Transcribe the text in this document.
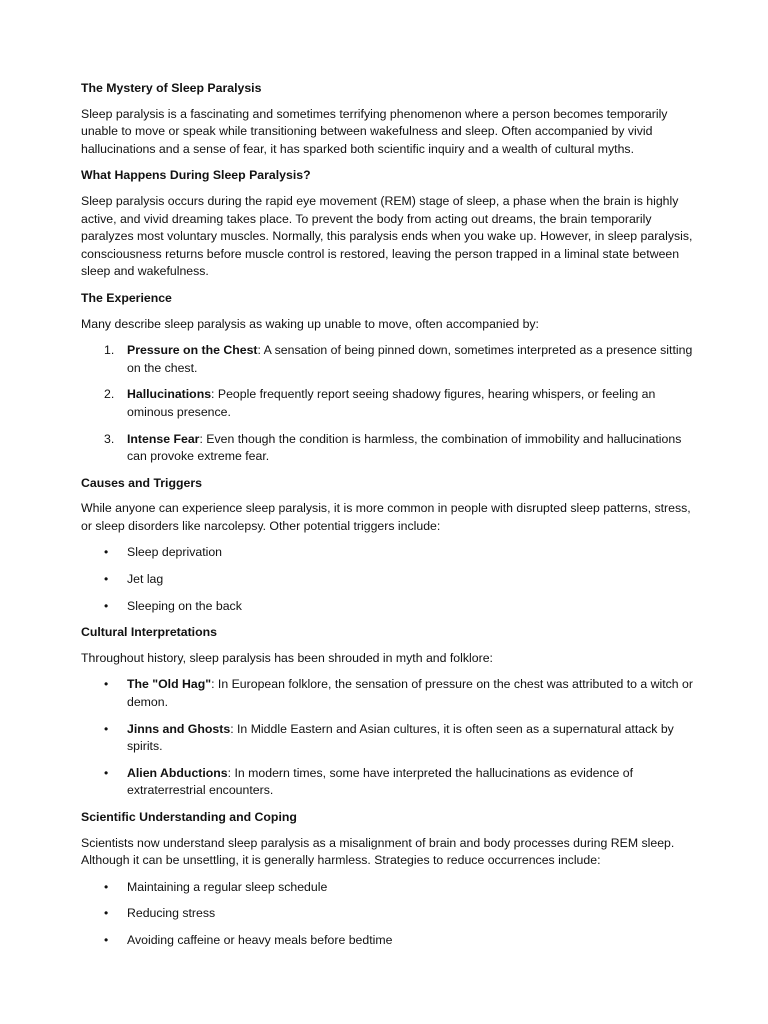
The Mystery of Sleep Paralysis

Sleep paralysis is a fascinating and sometimes terrifying phenomenon where a person becomes temporarily unable to move or speak while transitioning between wakefulness and sleep. Often accompanied by vivid hallucinations and a sense of fear, it has sparked both scientific inquiry and a wealth of cultural myths.

What Happens During Sleep Paralysis?

Sleep paralysis occurs during the rapid eye movement (REM) stage of sleep, a phase when the brain is highly active, and vivid dreaming takes place. To prevent the body from acting out dreams, the brain temporarily paralyzes most voluntary muscles. Normally, this paralysis ends when you wake up. However, in sleep paralysis, consciousness returns before muscle control is restored, leaving the person trapped in a liminal state between sleep and wakefulness.

The Experience

Many describe sleep paralysis as waking up unable to move, often accompanied by:

1.	Pressure on the Chest: A sensation of being pinned down, sometimes interpreted as a presence sitting on the chest.
2.	Hallucinations: People frequently report seeing shadowy figures, hearing whispers, or feeling an ominous presence.
3.	Intense Fear: Even though the condition is harmless, the combination of immobility and hallucinations can provoke extreme fear.
Causes and Triggers

While anyone can experience sleep paralysis, it is more common in people with disrupted sleep patterns, stress, or sleep disorders like narcolepsy. Other potential triggers include:

• Sleep deprivation
• Jet lag
• Sleeping on the back
Cultural Interpretations

Throughout history, sleep paralysis has been shrouded in myth and folklore:

• The "Old Hag": In European folklore, the sensation of pressure on the chest was attributed to a witch or demon.
• Jinns and Ghosts: In Middle Eastern and Asian cultures, it is often seen as a supernatural attack by spirits.
• Alien Abductions: In modern times, some have interpreted the hallucinations as evidence of extraterrestrial encounters.
Scientific Understanding and Coping

Scientists now understand sleep paralysis as a misalignment of brain and body processes during REM sleep. Although it can be unsettling, it is generally harmless. Strategies to reduce occurrences include:

• Maintaining a regular sleep schedule
• Reducing stress
• Avoiding caffeine or heavy meals before bedtime
